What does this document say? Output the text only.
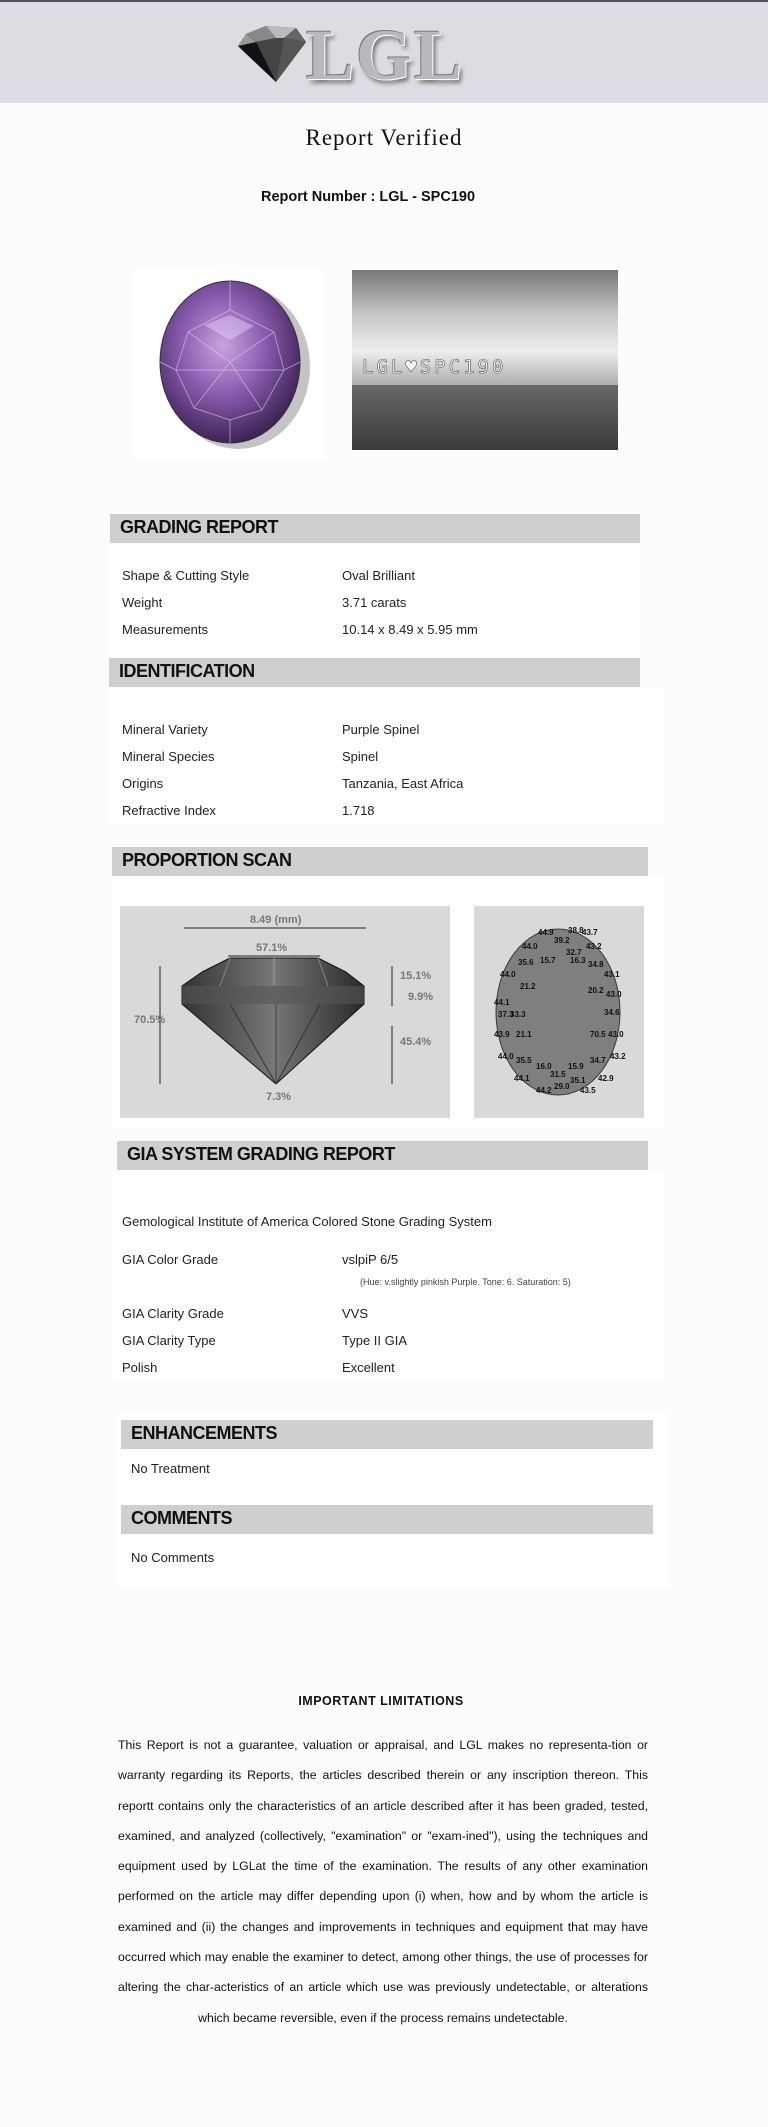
LGL
Report Verified
Report Number : LGL - SPC190
LGL♥SPC190
GRADING REPORT
Shape & Cutting Style	Oval Brilliant
Weight	3.71 carats
Measurements	10.14 x 8.49 x 5.95 mm
IDENTIFICATION
Mineral Variety	Purple Spinel
Mineral Species	Spinel
Origins	Tanzania, East Africa
Refractive Index	1.718
PROPORTION SCAN
8.49 (mm)
57.1%
70.5%
15.1%
9.9%
45.4%
7.3%
44.9 38.8
43.7
44.0
39.2
43.2
32.7
35.6 15.7 16.3 34.8
44.0	43.1
21.2	20.2 43.0
44.1
37.3
33.3	34.6
43.9 21.1	70.5 43.0
44.0	43.2
35.5	34.7
16.0 15.9
31.5
35.1
44.1	42.9
44.2 29.0 43.5
GIA SYSTEM GRADING REPORT
Gemological Institute of America Colored Stone Grading System
GIA Color Grade	vslpiP 6/5
(Hue: v.slightly pinkish Purple. Tone: 6. Saturation: 5)
GIA Clarity Grade	VVS
GIA Clarity Type	Type II GIA
Polish	Excellent
ENHANCEMENTS
No Treatment
COMMENTS
No Comments
IMPORTANT LIMITATIONS
This Report is not a guarantee, valuation or appraisal, and LGL makes no representa-tion or warranty regarding its Reports, the articles described therein or any inscription thereon. This reportt contains only the characteristics of an article described after it has been graded, tested, examined, and analyzed (collectively, "examination" or "exam-ined"), using the techniques and equipment used by LGLat the time of the examination. The results of any other examination performed on the article may differ depending upon (i) when, how and by whom the article is examined and (ii) the changes and improvements in techniques and equipment that may have occurred which may enable the examiner to detect, among other things, the use of processes for altering the char-acteristics of an article which use was previously undetectable, or alterations which became reversible, even if the process remains undetectable.
